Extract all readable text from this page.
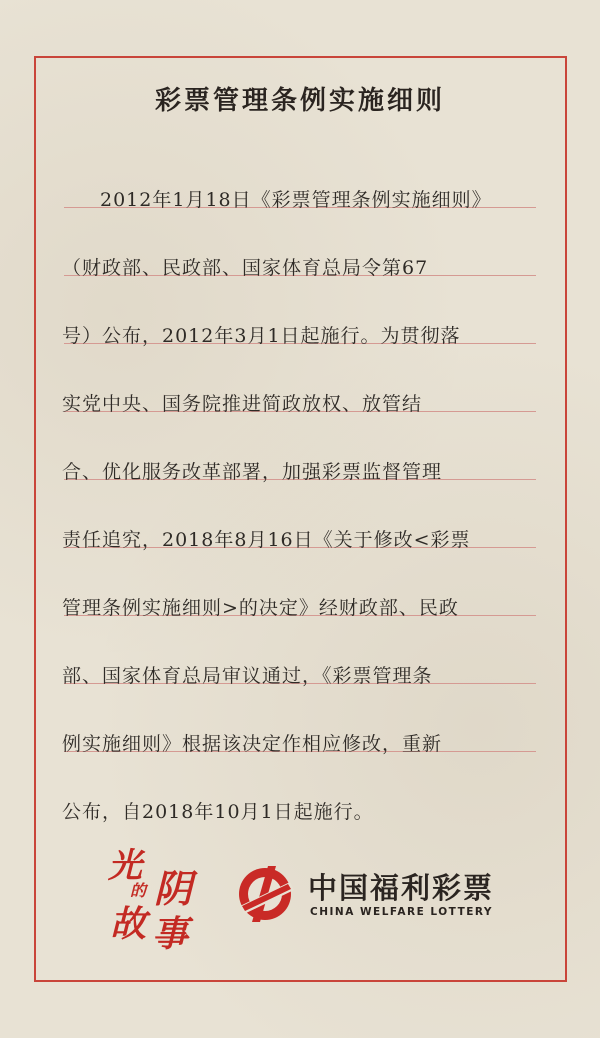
彩票管理条例实施细则
2012年1月18日《彩票管理条例实施细则》
（财政部、民政部、国家体育总局令第67
号）公布，2012年3月1日起施行。为贯彻落
实党中央、国务院推进简政放权、放管结
合、优化服务改革部署，加强彩票监督管理
责任追究，2018年8月16日《关于修改<彩票
管理条例实施细则>的决定》经财政部、民政
部、国家体育总局审议通过，《彩票管理条
例实施细则》根据该决定作相应修改，重新
公布，自2018年10月1日起施行。
光 阴
的
故 事
中国福利彩票
CHINA WELFARE LOTTERY
